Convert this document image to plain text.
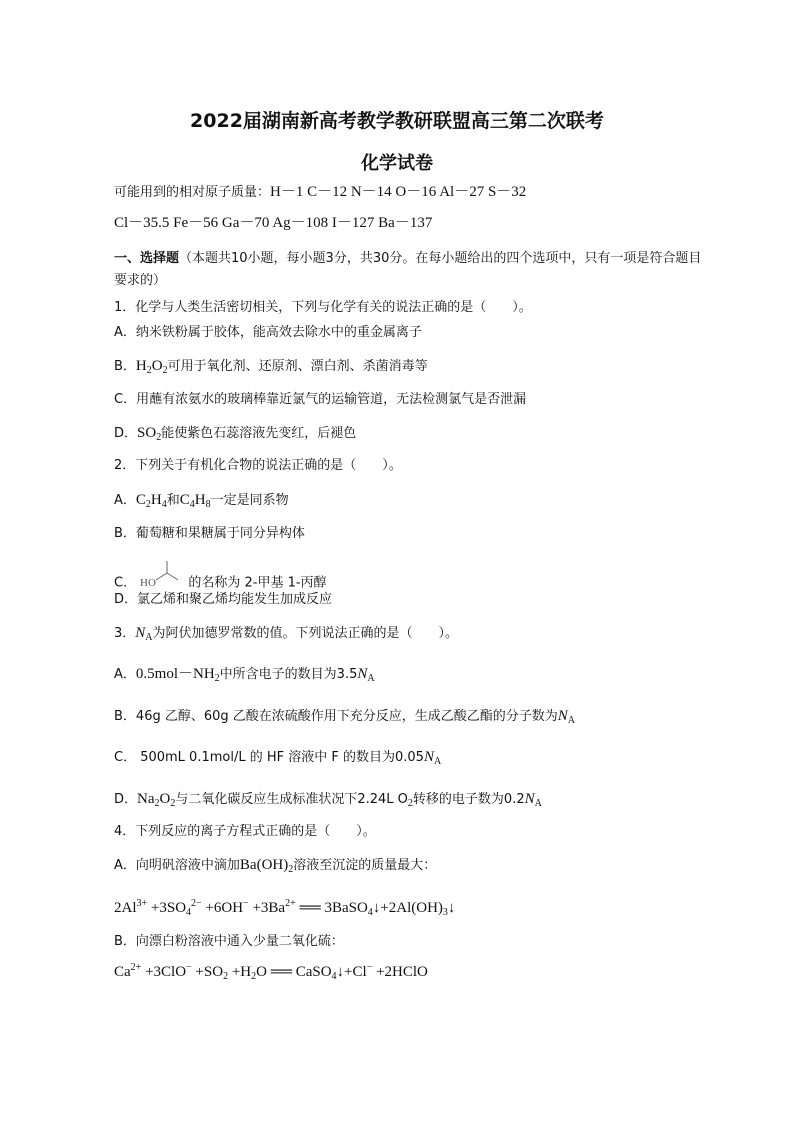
2022届湖南新高考教学教研联盟高三第二次联考
化学试卷
可能用到的相对原子质量：H－1 C－12 N－14 O－16 Al－27 S－32
Cl－35.5 Fe－56 Ga－70 Ag－108 I－127 Ba－137
一、选择题（本题共10小题，每小题3分，共30分。在每小题给出的四个选项中，只有一项是符合题目要求的）
1．化学与人类生活密切相关，下列与化学有关的说法正确的是（　　）。
A．纳米铁粉属于胶体，能高效去除水中的重金属离子
B．$H_2O_2$可用于氧化剂、还原剂、漂白剂、杀菌消毒等
C．用蘸有浓氨水的玻璃棒靠近氯气的运输管道，无法检测氯气是否泄漏
D．$SO_2$能使紫色石蕊溶液先变红，后褪色
2．下列关于有机化合物的说法正确的是（　　）。
A．$C_2H_4$和$C_4H_8$一定是同系物
B．葡萄糖和果糖属于同分异构体
C． HO 的名称为 2-甲基 1-丙醇
D．氯乙烯和聚乙烯均能发生加成反应
3．$N_A$为阿伏加德罗常数的值。下列说法正确的是（　　）。
A．$0.5mol-NH_2$中所含电子的数目为$3.5N_A$
B．46g 乙醇、60g 乙酸在浓硫酸作用下充分反应，生成乙酸乙酯的分子数为$N_A$
C． 500mL 0.1mol/L 的 HF 溶液中 F 的数目为$0.05N_A$
D．$Na_2O_2$与二氧化碳反应生成标准状况下2.24L $O_2$转移的电子数为$0.2N_A$
4．下列反应的离子方程式正确的是（　　）。
A．向明矾溶液中滴加$Ba(OH)_2$溶液至沉淀的质量最大：
$2Al^{3+} +3SO_4^{2-} +6OH^- +3Ba^{2+}$ ══ $3BaSO_4↓+2Al(OH)_3↓$
B．向漂白粉溶液中通入少量二氧化硫：
$Ca^{2+} +3ClO^- +SO_2 +H_2O$ ══ CaSO$_4$↓+Cl− +2HClO
